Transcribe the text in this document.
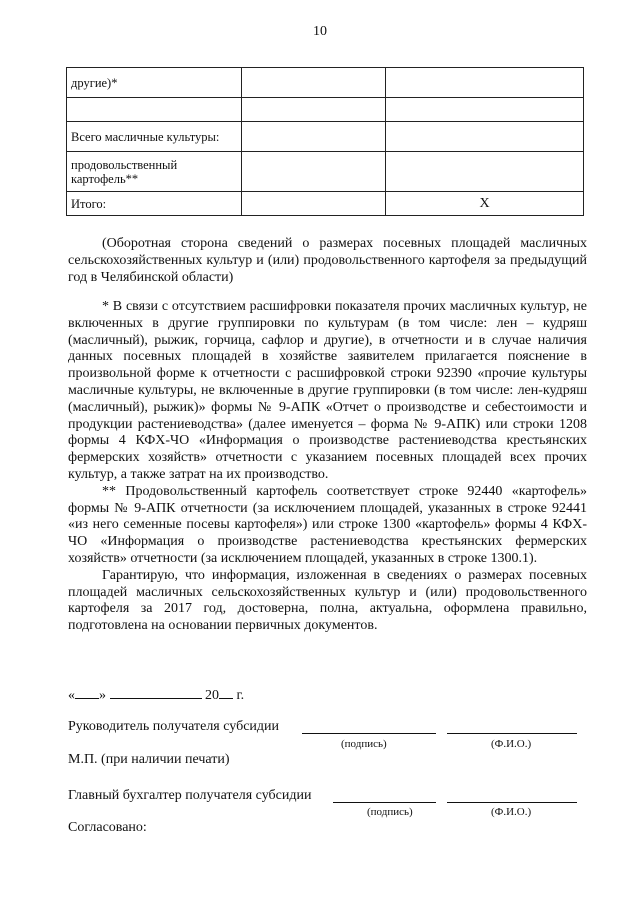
10
другие)*		

Всего масличные культуры:		
продовольственный картофель**		
Итого:		Х

(Оборотная сторона сведений о размерах посевных площадей масличных сельскохозяйственных культур и (или) продовольственного картофеля за предыдущий год в Челябинской области)

* В связи с отсутствием расшифровки показателя прочих масличных культур, не включенных в другие группировки по культурам (в том числе: лен – кудряш (масличный), рыжик, горчица, сафлор и другие), в отчетности и в случае наличия данных посевных площадей в хозяйстве заявителем прилагается пояснение в произвольной форме к отчетности с расшифровкой строки 92390 «прочие культуры масличные культуры, не включенные в другие группировки (в том числе: лен-кудряш (масличный), рыжик)» формы № 9-АПК «Отчет о производстве и себестоимости и продукции растениеводства» (далее именуется – форма № 9-АПК) или строки 1208 формы 4 КФХ-ЧО «Информация о производстве растениеводства крестьянских фермерских хозяйств» отчетности с указанием посевных площадей всех прочих культур, а также затрат на их производство.
** Продовольственный картофель соответствует строке 92440 «картофель» формы № 9-АПК отчетности (за исключением площадей, указанных в строке 92441 «из него семенные посевы картофеля») или строке 1300 «картофель» формы 4 КФХ-ЧО «Информация о производстве растениеводства крестьянских фермерских хозяйств» отчетности (за исключением площадей, указанных в строке 1300.1).
Гарантирую, что информация, изложенная в сведениях о размерах посевных площадей масличных сельскохозяйственных культур и (или) продовольственного картофеля за 2017 год, достоверна, полна, актуальна, оформлена правильно, подготовлена на основании первичных документов.
« »	20 г.
Руководитель получателя субсидии
(подпись)	(Ф.И.О.)
М.П. (при наличии печати)
Главный бухгалтер получателя субсидии
(подпись)	(Ф.И.О.)
Согласовано:
